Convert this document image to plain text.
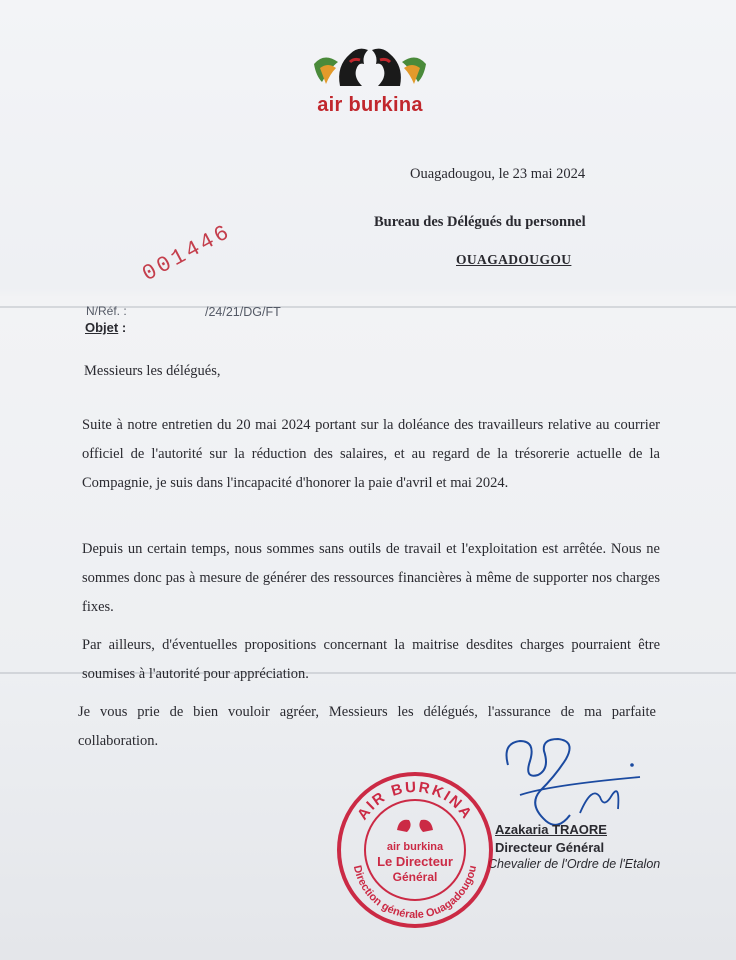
air burkina
Ouagadougou, le 23 mai 2024
Bureau des Délégués du personnel
OUAGADOUGOU
001446
N/Réf. :	/24/21/DG/FT
Objet :
Messieurs les délégués,

Suite à notre entretien du 20 mai 2024 portant sur la doléance des travailleurs relative au courrier officiel de l'autorité sur la réduction des salaires, et au regard de la trésorerie actuelle de la Compagnie, je suis dans l'incapacité d'honorer la paie d'avril et mai 2024.

Depuis un certain temps, nous sommes sans outils de travail et l'exploitation est arrêtée. Nous ne sommes donc pas à mesure de générer des ressources financières à même de supporter nos charges fixes.

Par ailleurs, d'éventuelles propositions concernant la maitrise desdites charges pourraient être soumises à l'autorité pour appréciation.

Je vous prie de bien vouloir agréer, Messieurs les délégués, l'assurance de ma parfaite collaboration.

Azakaria TRAORE
Directeur Général
Chevalier de l'Ordre de l'Etalon
AIR BURKINA
Direction générale Ouagadougou
air burkina
Le Directeur
Général
